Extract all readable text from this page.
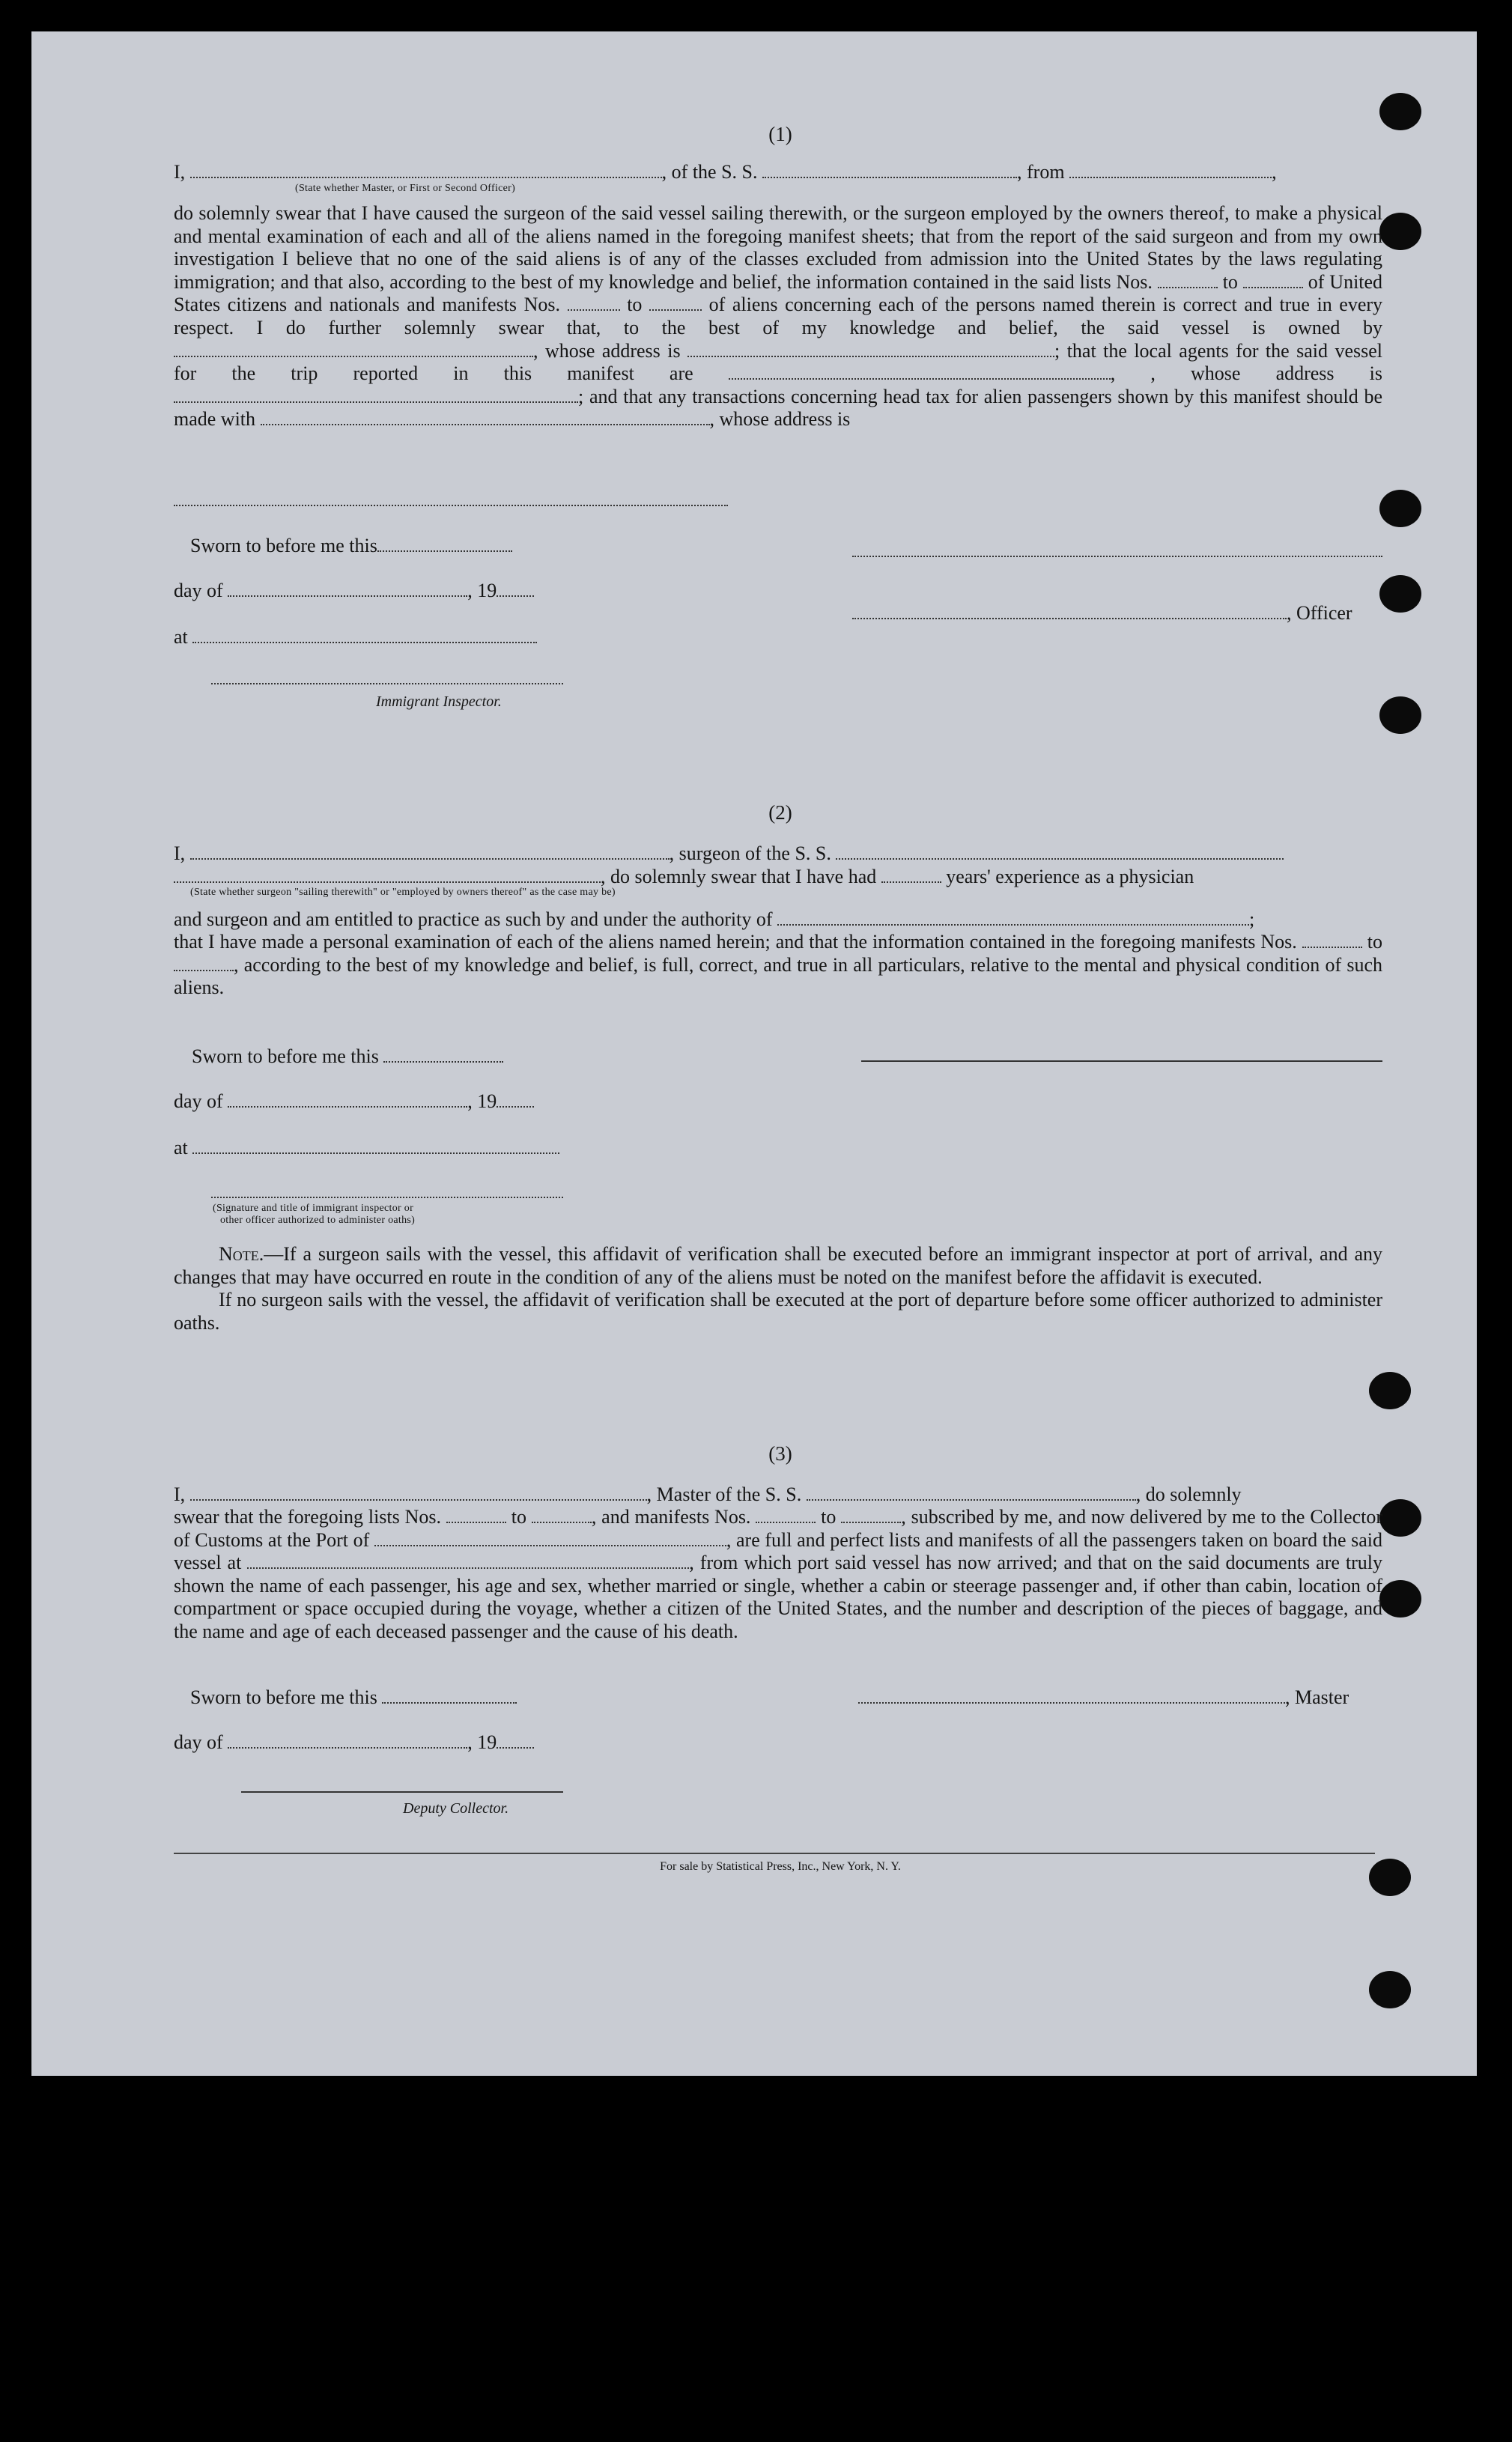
(1)
I,	, of the S. S.	, from	,
(State whether Master, or First or Second Officer)

do solemnly swear that I have caused the surgeon of the said vessel sailing therewith, or the surgeon employed by the owners thereof, to make a physical and mental examination of each and all of the aliens named in the foregoing manifest sheets; that from the report of the said surgeon and from my own investigation I believe that no one of the said aliens is of any of the classes excluded from admission into the United States by the laws regulating immigration; and that also, according to the best of my knowledge and belief, the information contained in the said lists Nos.	to	of United States citizens and nationals and manifests Nos.	to	of aliens concerning each of the persons named therein is correct and true in every respect. I do further solemnly swear that, to the best of my knowledge and belief, the said vessel is owned by , whose address is	; that the local agents for the said vessel for the trip reported in this manifest are	, , whose address is ; and that any transactions concerning head tax for alien passengers shown by this manifest should be made with	, whose address is

Sworn to before me this
day of	, 19
at
Immigrant Inspector.
, Officer
(2)
I,	, surgeon of the S. S.
, do solemnly swear that I have had	years' experience as a physician
(State whether surgeon "sailing therewith" or "employed by owners thereof" as the case may be)
and surgeon and am entitled to practice as such by and under the authority of	;

that I have made a personal examination of each of the aliens named herein; and that the information contained in the foregoing manifests Nos.	to , according to the best of my knowledge and belief, is full, correct, and true in all particulars, relative to the mental and physical condition of such aliens.

Sworn to before me this
day of	, 19
at
(Signature and title of immigrant inspector or
other officer authorized to administer oaths)

Note.—If a surgeon sails with the vessel, this affidavit of verification shall be executed before an immigrant inspector at port of arrival, and any changes that may have occurred en route in the condition of any of the aliens must be noted on the manifest before the affidavit is executed.

If no surgeon sails with the vessel, the affidavit of verification shall be executed at the port of departure before some officer authorized to administer oaths.

(3)
I,	, Master of the S. S.	, do solemnly

swear that the foregoing lists Nos.	to	, and manifests Nos.	to	, subscribed by me, and now delivered by me to the Collector of Customs at the Port of	, are full and perfect lists and manifests of all the passengers taken on board the said vessel at	, from which port said vessel has now arrived; and that on the said documents are truly shown the name of each passenger, his age and sex, whether married or single, whether a cabin or steerage passenger and, if other than cabin, location of compartment or space occupied during the voyage, whether a citizen of the United States, and the number and description of the pieces of baggage, and the name and age of each deceased passenger and the cause of his death.

Sworn to before me this	, Master
day of	, 19
Deputy Collector.
For sale by Statistical Press, Inc., New York, N. Y.
